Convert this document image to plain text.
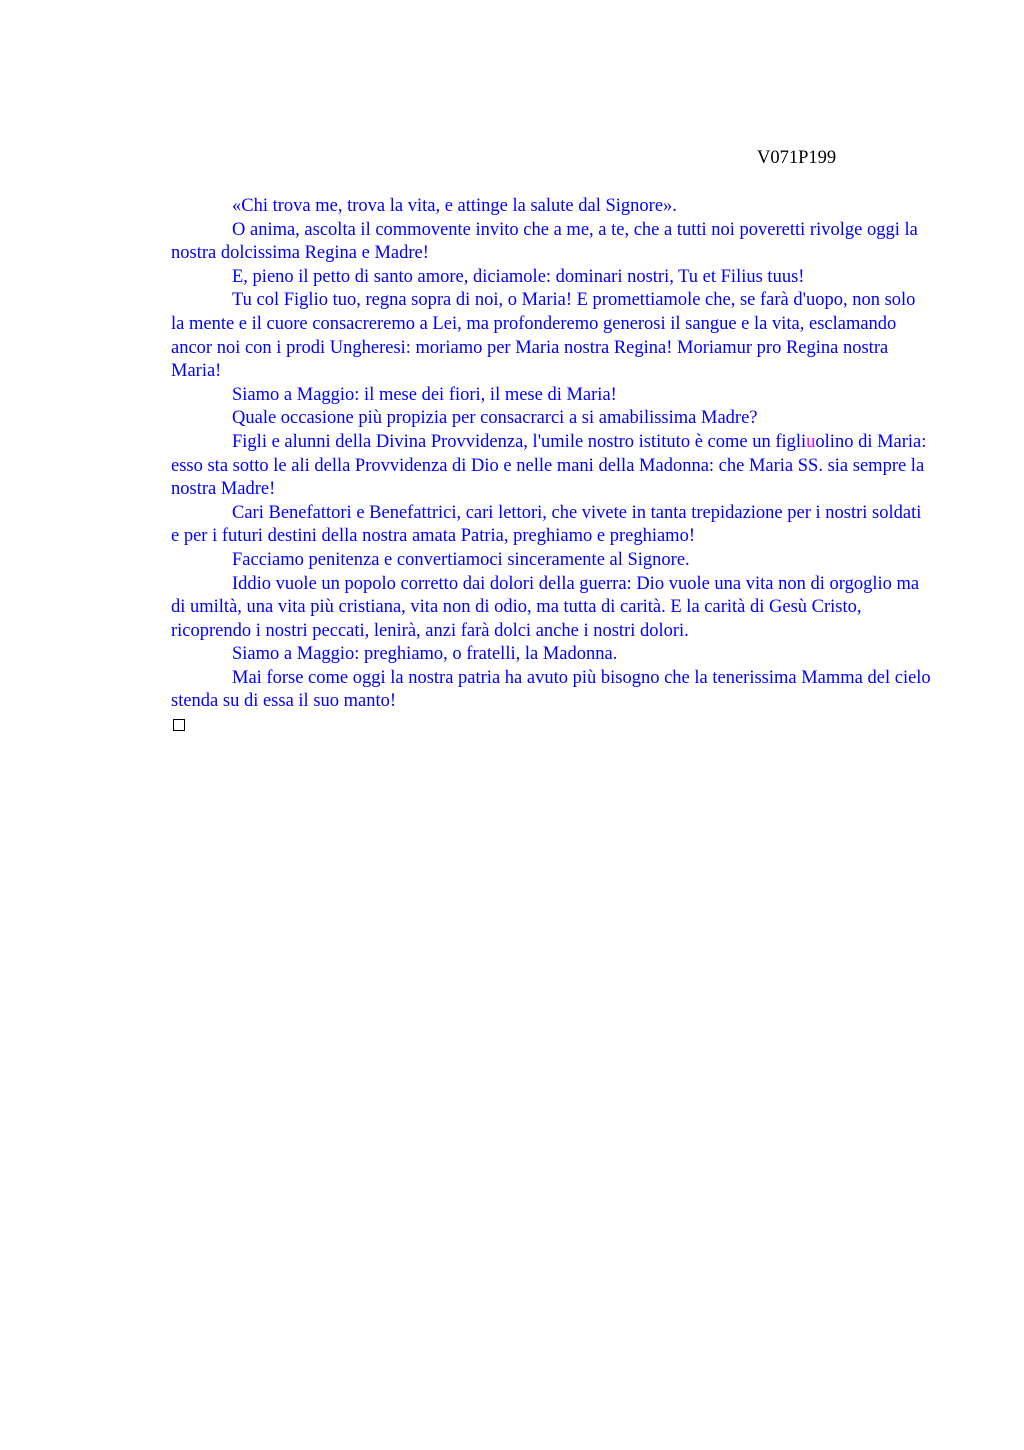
V071P199

«Chi trova me, trova la vita, e attinge la salute dal Signore».

O anima, ascolta il commovente invito che a me, a te, che a tutti noi poveretti rivolge oggi la nostra dolcissima Regina e Madre!

E, pieno il petto di santo amore, diciamole: dominari nostri, Tu et Filius tuus!

Tu col Figlio tuo, regna sopra di noi, o Maria! E promettiamole che, se farà d'uopo, non solo la mente e il cuore consacreremo a Lei, ma profonderemo generosi il sangue e la vita, esclamando ancor noi con i prodi Ungheresi: moriamo per Maria nostra Regina! Moriamur pro Regina nostra Maria!

Siamo a Maggio: il mese dei fiori, il mese di Maria!

Quale occasione più propizia per consacrarci a si amabilissima Madre?

Figli e alunni della Divina Provvidenza, l'umile nostro istituto è come un figliuolino di Maria: esso sta sotto le ali della Provvidenza di Dio e nelle mani della Madonna: che Maria SS. sia sempre la nostra Madre!

Cari Benefattori e Benefattrici, cari lettori, che vivete in tanta trepidazione per i nostri soldati e per i futuri destini della nostra amata Patria, preghiamo e preghiamo!

Facciamo penitenza e convertiamoci sinceramente al Signore.

Iddio vuole un popolo corretto dai dolori della guerra: Dio vuole una vita non di orgoglio ma di umiltà, una vita più cristiana, vita non di odio, ma tutta di carità. E la carità di Gesù Cristo, ricoprendo i nostri peccati, lenirà, anzi farà dolci anche i nostri dolori.

Siamo a Maggio: preghiamo, o fratelli, la Madonna.

Mai forse come oggi la nostra patria ha avuto più bisogno che la tenerissima Mamma del cielo stenda su di essa il suo manto!
